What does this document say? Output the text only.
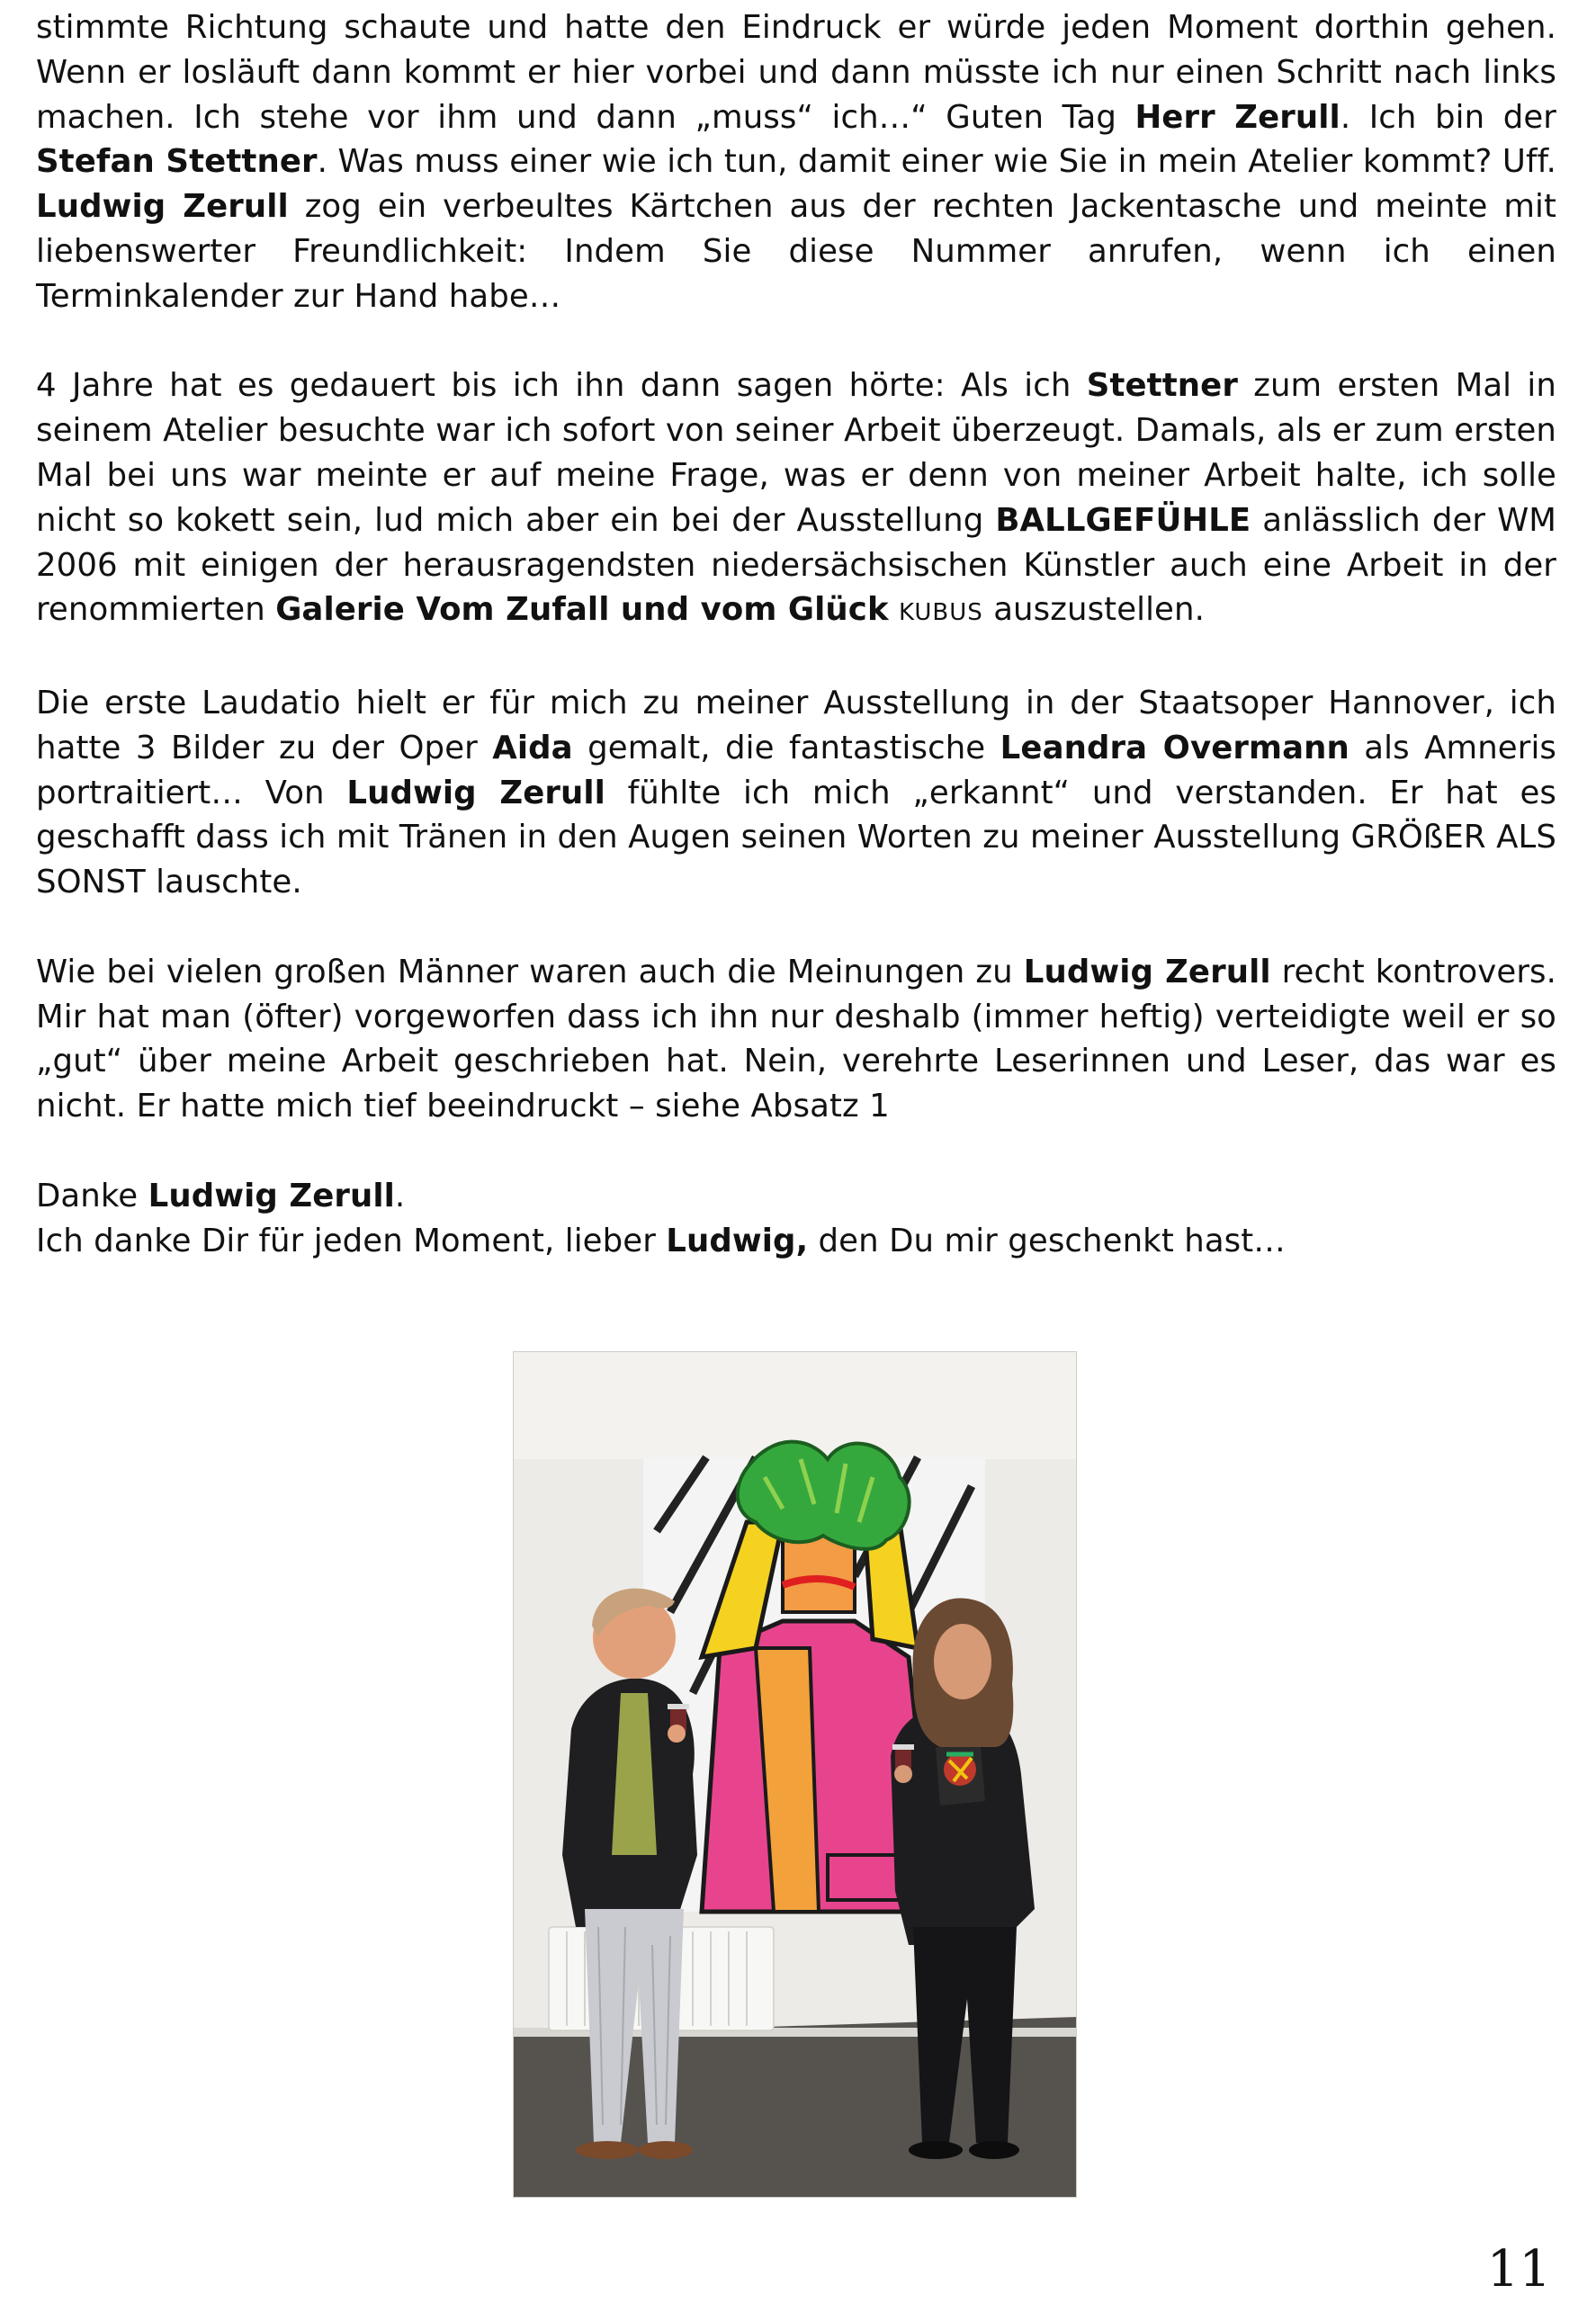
stimmte Richtung schaute und hatte den Eindruck er würde jeden Moment dorthin gehen. Wenn er losläuft dann kommt er hier vorbei und dann müsste ich nur einen Schritt nach links machen. Ich stehe vor ihm und dann „muss“ ich…“ Guten Tag Herr Zerull. Ich bin der Stefan Stettner. Was muss einer wie ich tun, damit einer wie Sie in mein Atelier kommt? Uff. Ludwig Zerull zog ein verbeultes Kärtchen aus der rechten Jackentasche und meinte mit liebenswerter Freundlichkeit: Indem Sie diese Nummer anrufen, wenn ich einen Terminkalender zur Hand habe…

4 Jahre hat es gedauert bis ich ihn dann sagen hörte: Als ich Stettner zum ersten Mal in seinem Atelier besuchte war ich sofort von seiner Arbeit überzeugt. Damals, als er zum ersten Mal bei uns war meinte er auf meine Frage, was er denn von meiner Arbeit halte, ich solle nicht so kokett sein, lud mich aber ein bei der Ausstellung BALLGEFÜHLE anlässlich der WM 2006 mit einigen der herausragendsten niedersächsischen Künstler auch eine Arbeit in der renommierten Galerie Vom Zufall und vom Glück KUBUS auszustellen.

Die erste Laudatio hielt er für mich zu meiner Ausstellung in der Staatsoper Hannover, ich hatte 3 Bilder zu der Oper Aida gemalt, die fantastische Leandra Overmann als Amneris portraitiert… Von Ludwig Zerull fühlte ich mich „erkannt“ und verstanden. Er hat es geschafft dass ich mit Tränen in den Augen seinen Worten zu meiner Ausstellung GRÖßER ALS SONST lauschte.

Wie bei vielen großen Männer waren auch die Meinungen zu Ludwig Zerull recht kontrovers. Mir hat man (öfter) vorgeworfen dass ich ihn nur deshalb (immer heftig) verteidigte weil er so „gut“ über meine Arbeit geschrieben hat. Nein, verehrte Leserinnen und Leser, das war es nicht. Er hatte mich tief beeindruckt – siehe Absatz 1

Danke Ludwig Zerull.
Ich danke Dir für jeden Moment, lieber Ludwig, den Du mir geschenkt hast…

11
